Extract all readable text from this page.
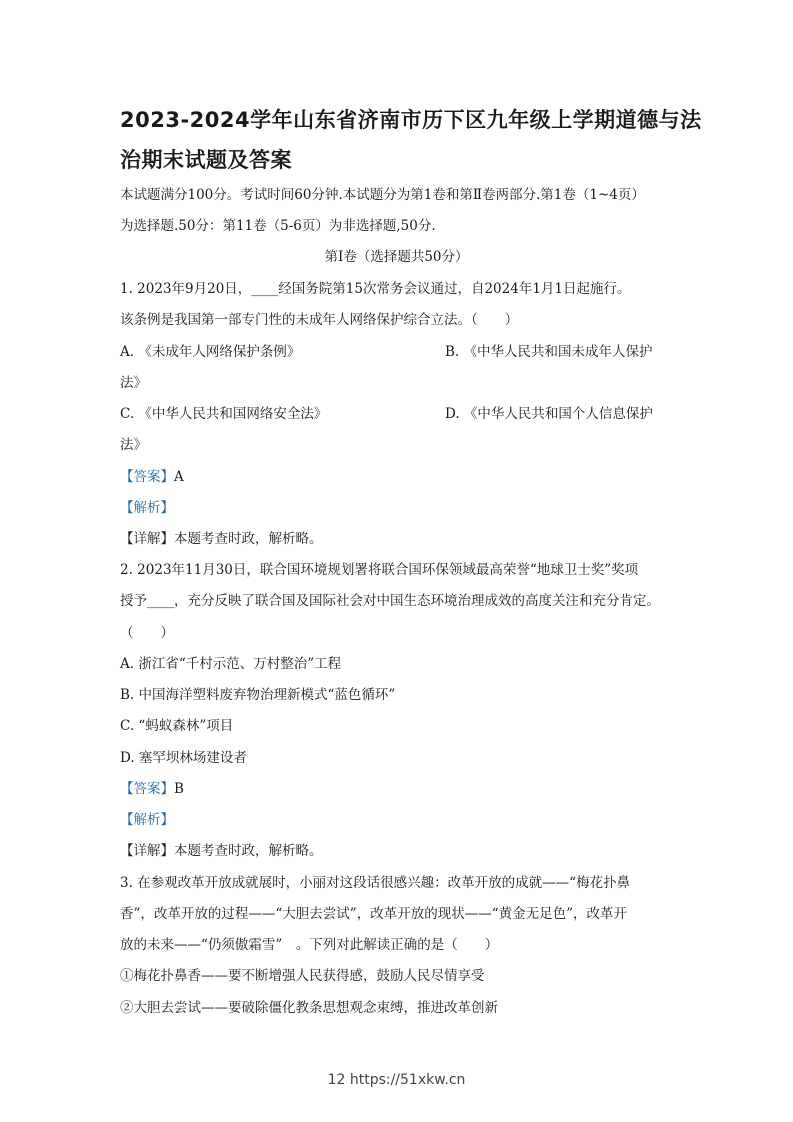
2023-2024学年山东省济南市历下区九年级上学期道德与法
治期末试题及答案
本试题满分100分。考试时间60分钟.本试题分为第1卷和第Ⅱ卷两部分.第1卷（1~4页）
为选择题.50分：第11卷（5-6页）为非选择题,50分.
第Ⅰ卷（选择题共50分）
1. 2023年9月20日，____经国务院第15次常务会议通过，自2024年1月1日起施行。
该条例是我国第一部专门性的未成年人网络保护综合立法。（　　）
A. 《未成年人网络保护条例》	B. 《中华人民共和国未成年人保护
法》
C. 《中华人民共和国网络安全法》	D. 《中华人民共和国个人信息保护
法》
【答案】A
【解析】
【详解】本题考查时政，解析略。
2. 2023年11月30日，联合国环境规划署将联合国环保领域最高荣誉“地球卫士奖”奖项
授予____，充分反映了联合国及国际社会对中国生态环境治理成效的高度关注和充分肯定。
（　　）
A. 浙江省“千村示范、万村整治”工程
B. 中国海洋塑料废弃物治理新模式“蓝色循环”
C. “蚂蚁森林”项目
D. 塞罕坝林场建设者
【答案】B
【解析】
【详解】本题考查时政，解析略。
3. 在参观改革开放成就展时，小丽对这段话很感兴趣：改革开放的成就——“梅花扑鼻
香”，改革开放的过程——“大胆去尝试”，改革开放的现状——“黄金无足色”，改革开
放的未来——“仍须傲霜雪”　。下列对此解读正确的是（　　）
①梅花扑鼻香——要不断增强人民获得感，鼓励人民尽情享受
②大胆去尝试——要破除僵化教条思想观念束缚，推进改革创新
12 https://51xkw.cn
